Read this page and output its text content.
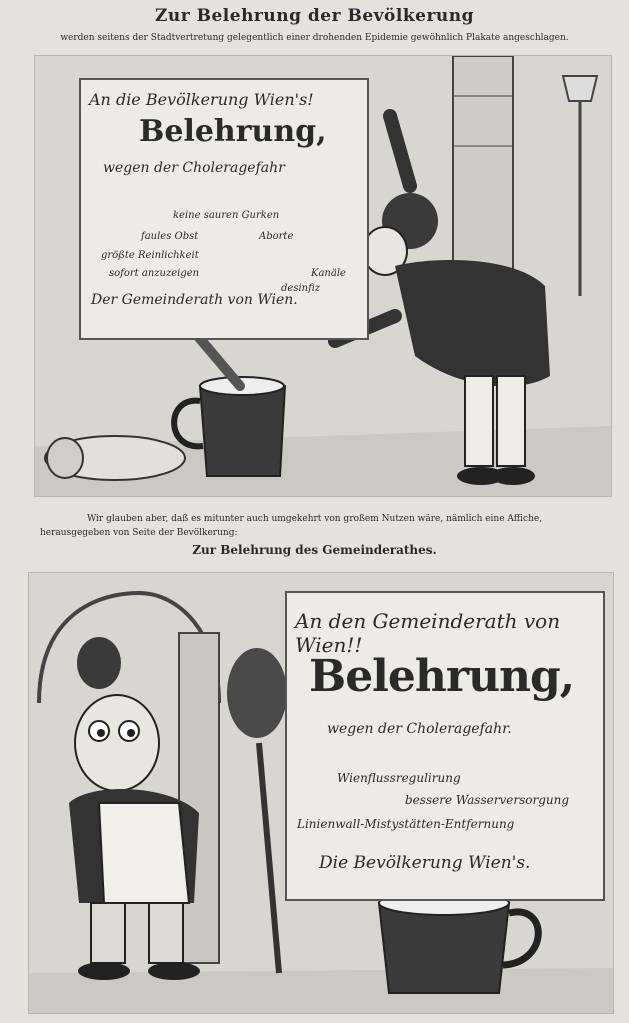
Zur Belehrung der Bevölkerung
werden seitens der Stadtvertretung gelegentlich einer drohenden Epidemie gewöhnlich Plakate angeschlagen.
An die Bevölkerung Wien's!
Belehrung,
wegen der Choleragefahr
keine sauren Gurken
faules Obst	Aborte
größte Reinlichkeit
sofort anzuzeigen	Kanäle
desinfiz
Der Gemeinderath von Wien.
Wir glauben aber, daß es mitunter auch umgekehrt von großem Nutzen wäre, nämlich eine Affiche,
herausgegeben von Seite der Bevölkerung:
Zur Belehrung des Gemeinderathes.
An den Gemeinderath von Wien!!
Belehrung,
wegen der Choleragefahr.
Wienflussregulirung
bessere Wasserversorgung
Linienwall-Mistystätten-Entfernung
Die Bevölkerung Wien's.
